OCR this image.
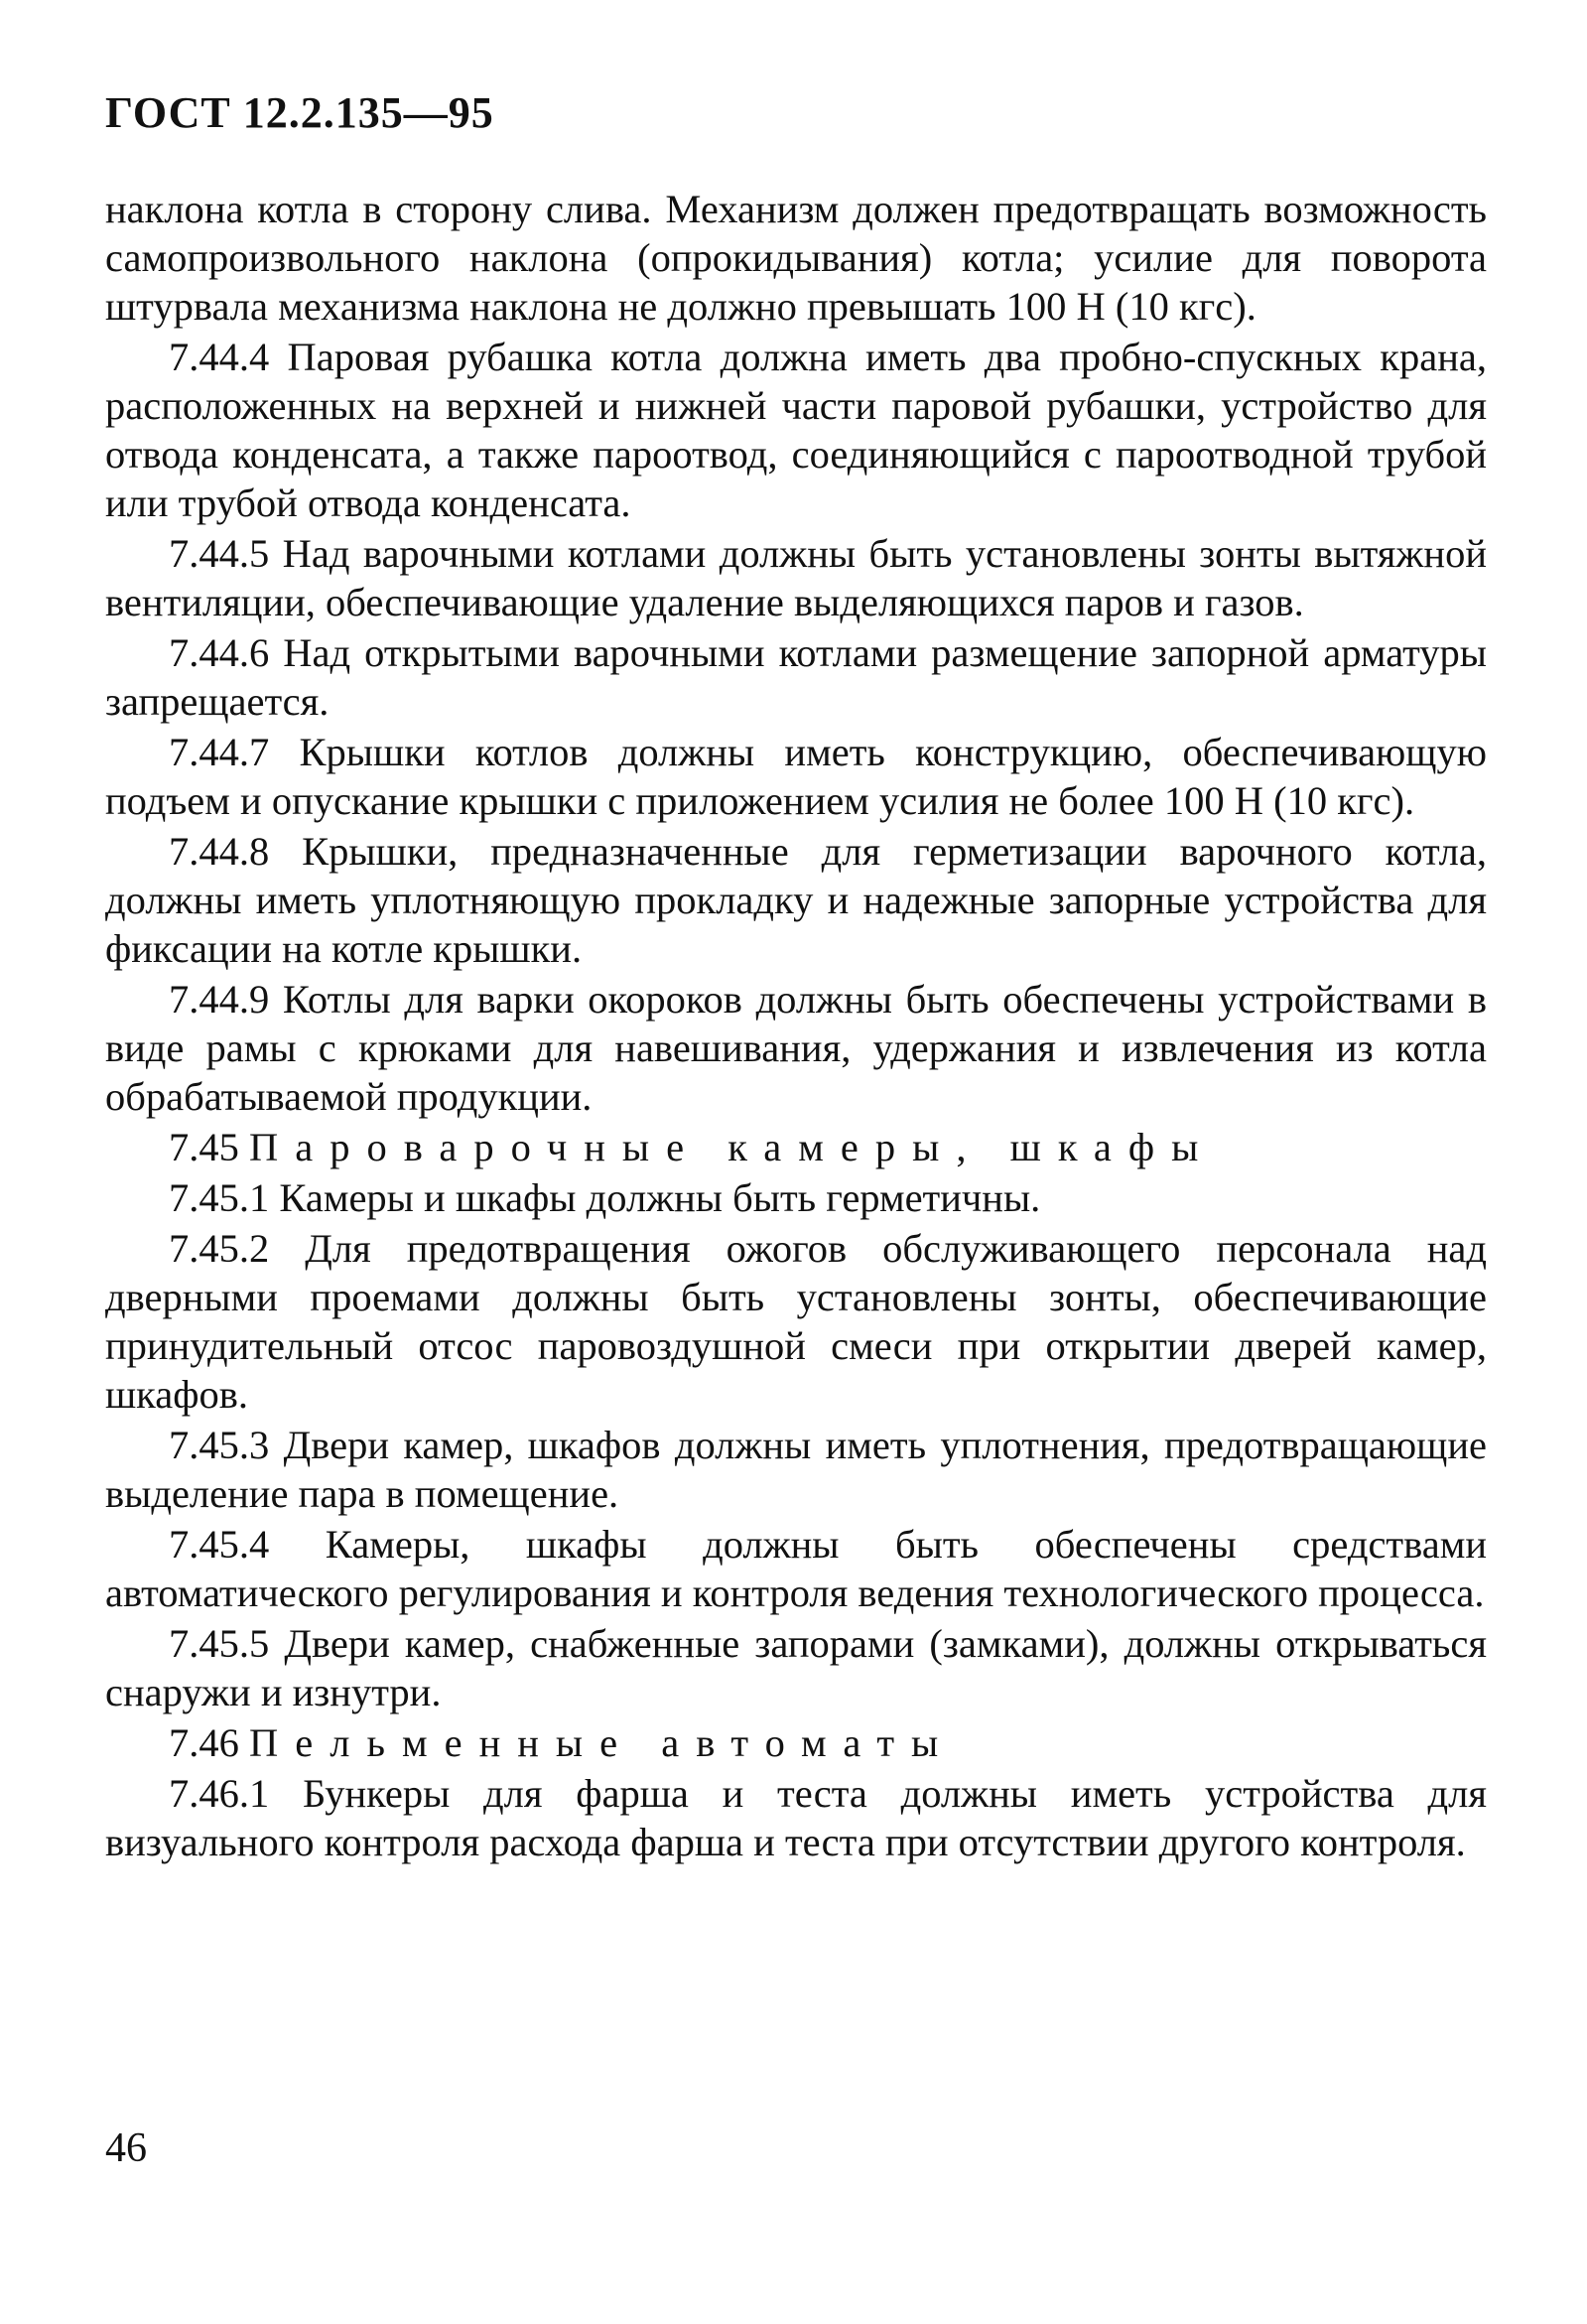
ГОСТ 12.2.135—95

наклона котла в сторону слива. Механизм должен предотвращать возможность самопроизвольного наклона (опрокидывания) котла; усилие для поворота штурвала механизма наклона не должно превышать 100 Н (10 кгс).

7.44.4 Паровая рубашка котла должна иметь два пробно-спускных крана, расположенных на верхней и нижней части паровой рубашки, устройство для отвода конденсата, а также пароотвод, соединяющийся с пароотводной трубой или трубой отвода конденсата.

7.44.5 Над варочными котлами должны быть установлены зонты вытяжной вентиляции, обеспечивающие удаление выделяющихся паров и газов.

7.44.6 Над открытыми варочными котлами размещение запорной арматуры запрещается.

7.44.7 Крышки котлов должны иметь конструкцию, обеспечивающую подъем и опускание крышки с приложением усилия не более 100 Н (10 кгс).

7.44.8 Крышки, предназначенные для герметизации варочного котла, должны иметь уплотняющую прокладку и надежные запорные устройства для фиксации на котле крышки.

7.44.9 Котлы для варки окороков должны быть обеспечены устройствами в виде рамы с крюками для навешивания, удержания и извлечения из котла обрабатываемой продукции.

7.45 Пароварочные камеры, шкафы

7.45.1 Камеры и шкафы должны быть герметичны.

7.45.2 Для предотвращения ожогов обслуживающего персонала над дверными проемами должны быть установлены зонты, обеспечивающие принудительный отсос паровоздушной смеси при открытии дверей камер, шкафов.

7.45.3 Двери камер, шкафов должны иметь уплотнения, предотвращающие выделение пара в помещение.

7.45.4 Камеры, шкафы должны быть обеспечены средствами автоматического регулирования и контроля ведения технологического процесса.

7.45.5 Двери камер, снабженные запорами (замками), должны открываться снаружи и изнутри.

7.46 Пельменные автоматы

7.46.1 Бункеры для фарша и теста должны иметь устройства для визуального контроля расхода фарша и теста при отсутствии другого контроля.

46
